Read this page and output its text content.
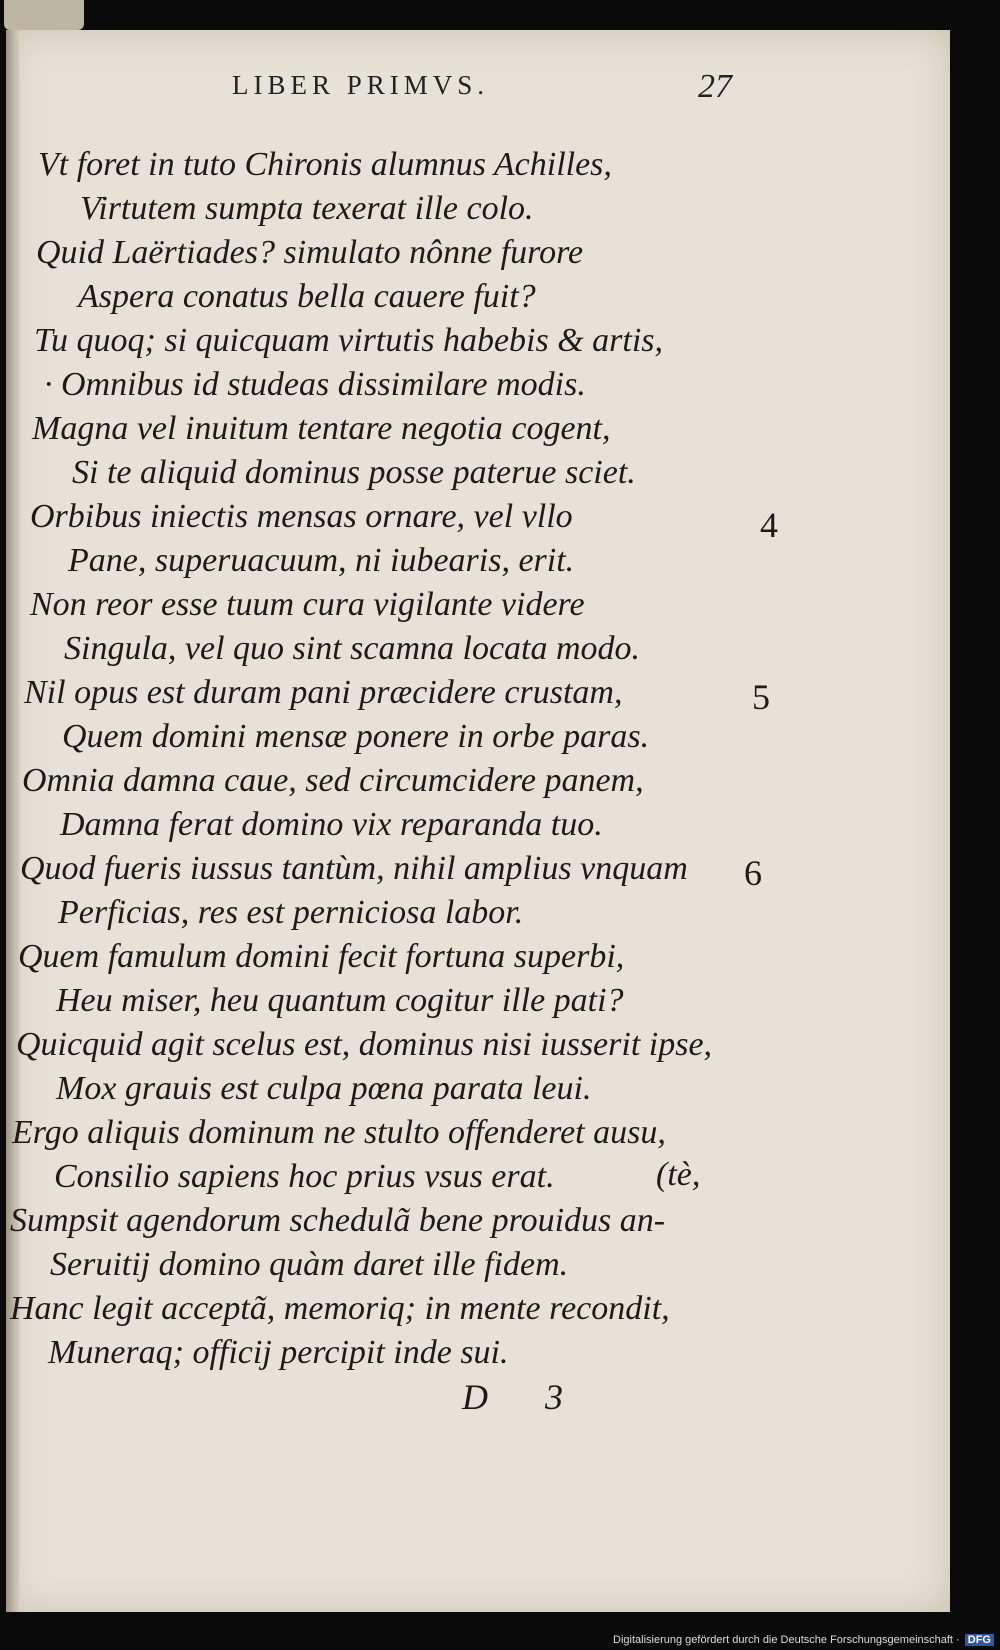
LIBER PRIMVS.	27
Vt foret in tuto Chironis alumnus Achilles,
Virtutem sumpta texerat ille colo.
Quid Laërtiades? simulato nônne furore
Aspera conatus bella cauere fuit?
Tu quoq; si quicquam virtutis habebis & artis,
· Omnibus id studeas dissimilare modis.
Magna vel inuitum tentare negotia cogent,
Si te aliquid dominus posse paterue sciet.
Orbibus iniectis mensas ornare, vel vllo
Pane, superuacuum, ni iubearis, erit.
Non reor esse tuum cura vigilante videre
Singula, vel quo sint scamna locata modo.
Nil opus est duram pani præcidere crustam,
Quem domini mensæ ponere in orbe paras.
Omnia damna caue, sed circumcidere panem,
Damna ferat domino vix reparanda tuo.
Quod fueris iussus tantùm, nihil amplius vnquam
Perficias, res est perniciosa labor.
Quem famulum domini fecit fortuna superbi,
Heu miser, heu quantum cogitur ille pati?
Quicquid agit scelus est, dominus nisi iusserit ipse,
Mox grauis est culpa pœna parata leui.
Ergo aliquis dominum ne stulto offenderet ausu,
Consilio sapiens hoc prius vsus erat.
Sumpsit agendorum schedulã bene prouidus an-
Seruitij domino quàm daret ille fidem.
Hanc legit acceptã, memoriq; in mente recondit,
Muneraq; officij percipit inde sui.
(tè,
4
5
6
D 3
Digitalisierung gefördert durch die Deutsche Forschungsgemeinschaft · DFG
